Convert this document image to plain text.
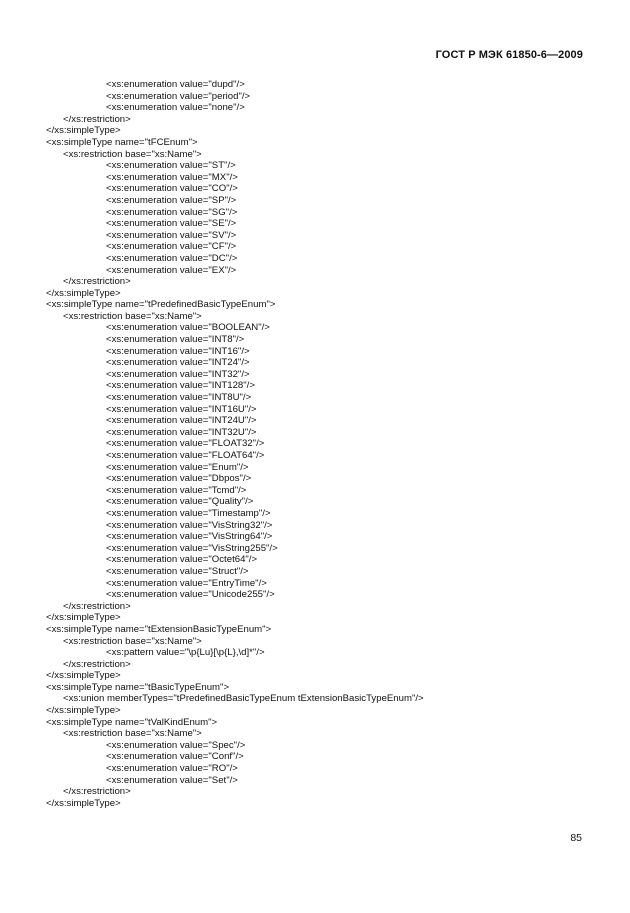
ГОСТ Р МЭК 61850-6—2009
<xs:enumeration value="dupd"/>
<xs:enumeration value="period"/>
<xs:enumeration value="none"/>
</xs:restriction>
</xs:simpleType>
<xs:simpleType name="tFCEnum">
<xs:restriction base="xs:Name">
<xs:enumeration value="ST"/>
<xs:enumeration value="MX"/>
<xs:enumeration value="CO"/>
<xs:enumeration value="SP"/>
<xs:enumeration value="SG"/>
<xs:enumeration value="SE"/>
<xs:enumeration value="SV"/>
<xs:enumeration value="CF"/>
<xs:enumeration value="DC"/>
<xs:enumeration value="EX"/>
</xs:restriction>
</xs:simpleType>
<xs:simpleType name="tPredefinedBasicTypeEnum">
<xs:restriction base="xs:Name">
<xs:enumeration value="BOOLEAN"/>
<xs:enumeration value="INT8"/>
<xs:enumeration value="INT16"/>
<xs:enumeration value="INT24"/>
<xs:enumeration value="INT32"/>
<xs:enumeration value="INT128"/>
<xs:enumeration value="INT8U"/>
<xs:enumeration value="INT16U"/>
<xs:enumeration value="INT24U"/>
<xs:enumeration value="INT32U"/>
<xs:enumeration value="FLOAT32"/>
<xs:enumeration value="FLOAT64"/>
<xs:enumeration value="Enum"/>
<xs:enumeration value="Dbpos"/>
<xs:enumeration value="Tcmd"/>
<xs:enumeration value="Quality"/>
<xs:enumeration value="Timestamp"/>
<xs:enumeration value="VisString32"/>
<xs:enumeration value="VisString64"/>
<xs:enumeration value="VisString255"/>
<xs:enumeration value="Octet64"/>
<xs:enumeration value="Struct"/>
<xs:enumeration value="EntryTime"/>
<xs:enumeration value="Unicode255"/>
</xs:restriction>
</xs:simpleType>
<xs:simpleType name="tExtensionBasicTypeEnum">
<xs:restriction base="xs:Name">
<xs:pattern value="\p{Lu}[\p{L},\d]*"/>
</xs:restriction>
</xs:simpleType>
<xs:simpleType name="tBasicTypeEnum">
<xs:union memberTypes="tPredefinedBasicTypeEnum tExtensionBasicTypeEnum"/>
</xs:simpleType>
<xs:simpleType name="tValKindEnum">
<xs:restriction base="xs:Name">
<xs:enumeration value="Spec"/>
<xs:enumeration value="Conf"/>
<xs:enumeration value="RO"/>
<xs:enumeration value="Set"/>
</xs:restriction>
</xs:simpleType>
85
